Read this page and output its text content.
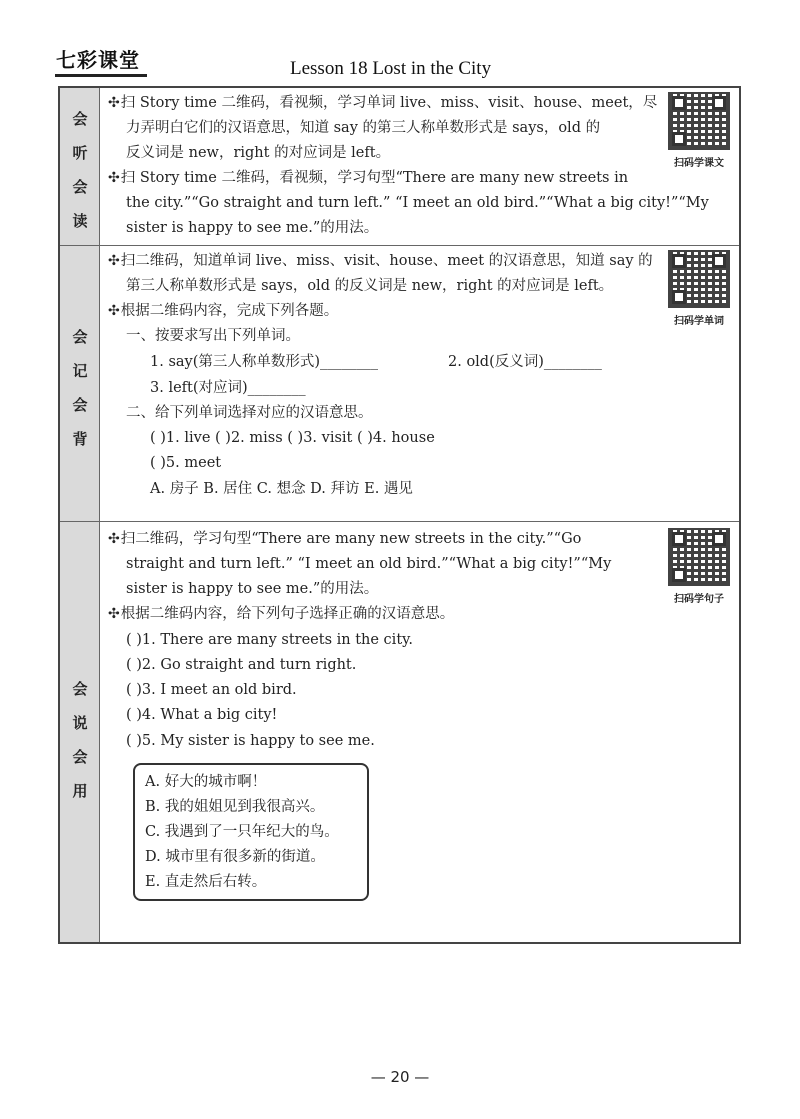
七彩课堂	Lesson 18 Lost in the City
会
听
会
读
会
记
会
背
会
说
会
用
✣扫 Story time 二维码，看视频，学习单词 live、miss、visit、house、meet，尽
力弄明白它们的汉语意思，知道 say 的第三人称单数形式是 says，old 的
反义词是 new，right 的对应词是 left。
✣扫 Story time 二维码，看视频，学习句型“There are many new streets in
the city.”“Go straight and turn left.” “I meet an old bird.”“What a big city!”“My
sister is happy to see me.”的用法。
扫码学课文
✣扫二维码，知道单词 live、miss、visit、house、meet 的汉语意思，知道 say 的
第三人称单数形式是 says，old 的反义词是 new，right 的对应词是 left。
✣根据二维码内容，完成下列各题。
一、按要求写出下列单词。
1. say(第三人称单数形式)________	2. old(反义词)________
3. left(对应词)________
二、给下列单词选择对应的汉语意思。
( )1. live ( )2. miss ( )3. visit ( )4. house
( )5. meet
A. 房子 B. 居住 C. 想念 D. 拜访 E. 遇见
扫码学单词
✣扫二维码，学习句型“There are many new streets in the city.”“Go
straight and turn left.” “I meet an old bird.”“What a big city!”“My
sister is happy to see me.”的用法。
✣根据二维码内容，给下列句子选择正确的汉语意思。
( )1. There are many streets in the city.
( )2. Go straight and turn right.
( )3. I meet an old bird.
( )4. What a big city!
( )5. My sister is happy to see me.
扫码学句子
A. 好大的城市啊！
B. 我的姐姐见到我很高兴。
C. 我遇到了一只年纪大的鸟。
D. 城市里有很多新的街道。
E. 直走然后右转。
— 20 —
